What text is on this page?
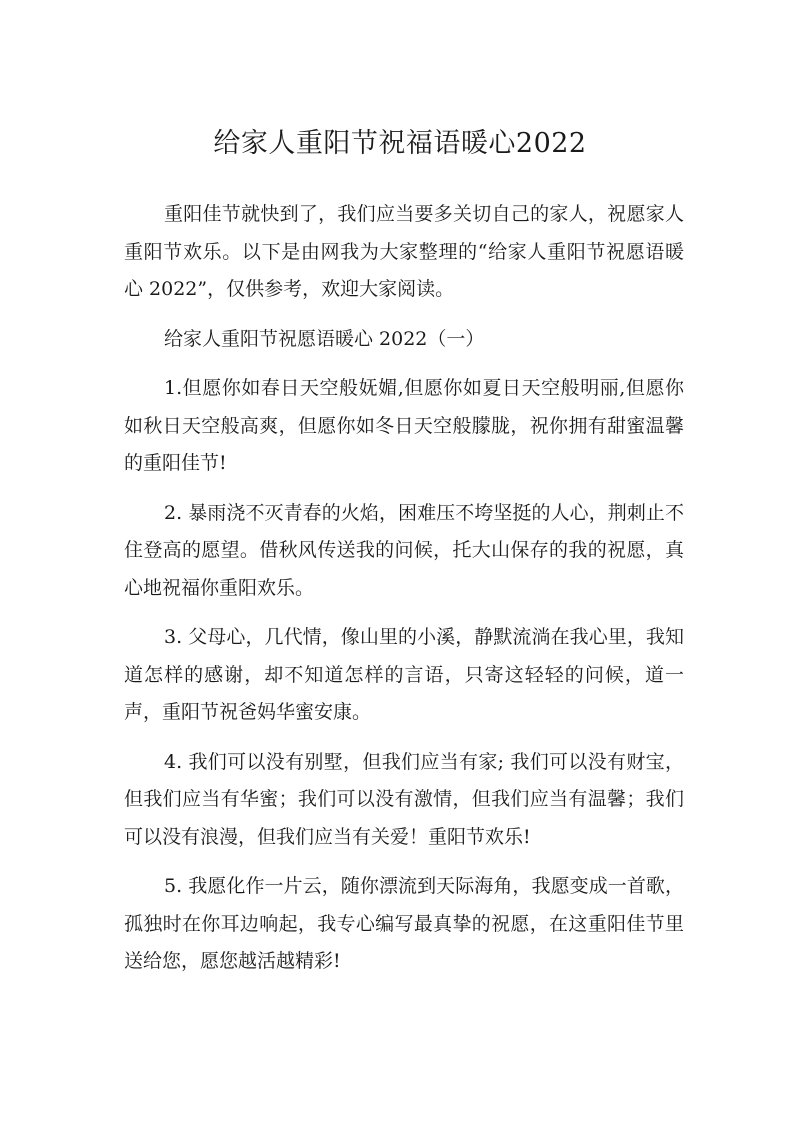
给家人重阳节祝福语暖心2022

重阳佳节就快到了，我们应当要多关切自己的家人，祝愿家人重阳节欢乐。以下是由网我为大家整理的“给家人重阳节祝愿语暖心 2022”，仅供参考，欢迎大家阅读。

给家人重阳节祝愿语暖心 2022（一）

1.但愿你如春日天空般妩媚,但愿你如夏日天空般明丽,但愿你如秋日天空般高爽，但愿你如冬日天空般朦胧，祝你拥有甜蜜温馨的重阳佳节!

2. 暴雨浇不灭青春的火焰，困难压不垮坚挺的人心，荆刺止不住登高的愿望。借秋风传送我的问候，托大山保存的我的祝愿，真心地祝福你重阳欢乐。

3. 父母心，几代情，像山里的小溪，静默流淌在我心里，我知道怎样的感谢，却不知道怎样的言语，只寄这轻轻的问候，道一声，重阳节祝爸妈华蜜安康。

4. 我们可以没有别墅，但我们应当有家; 我们可以没有财宝，但我们应当有华蜜；我们可以没有激情，但我们应当有温馨；我们可以没有浪漫，但我们应当有关爱！重阳节欢乐!

5. 我愿化作一片云，随你漂流到天际海角，我愿变成一首歌，孤独时在你耳边响起，我专心编写最真挚的祝愿，在这重阳佳节里送给您，愿您越活越精彩!
